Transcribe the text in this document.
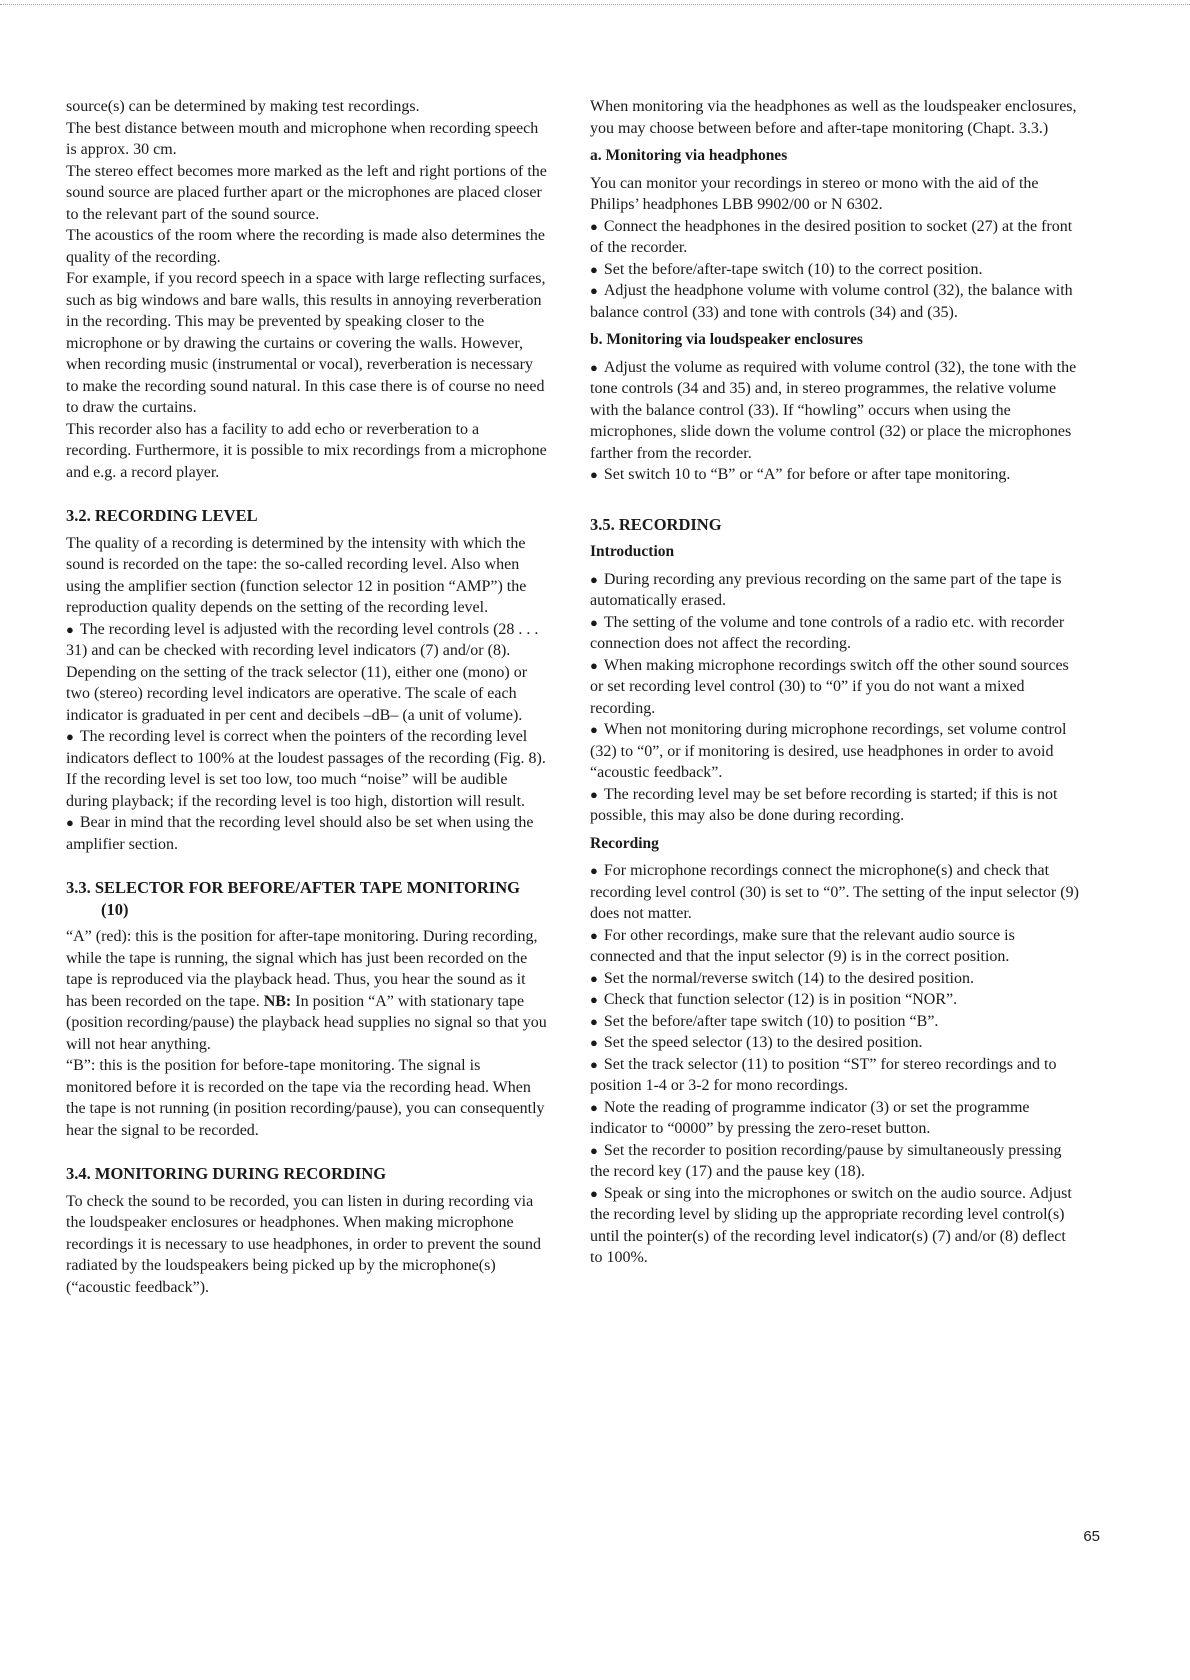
source(s) can be determined by making test recordings.

The best distance between mouth and microphone when recording speech is approx. 30 cm.

The stereo effect becomes more marked as the left and right portions of the sound source are placed further apart or the microphones are placed closer to the relevant part of the sound source.

The acoustics of the room where the recording is made also determines the quality of the recording.

For example, if you record speech in a space with large reflecting surfaces, such as big windows and bare walls, this results in annoying reverberation in the recording. This may be prevented by speaking closer to the microphone or by drawing the curtains or covering the walls. However, when recording music (instrumental or vocal), reverberation is necessary to make the recording sound natural. In this case there is of course no need to draw the curtains.

This recorder also has a facility to add echo or reverberation to a recording. Furthermore, it is possible to mix recordings from a microphone and e.g. a record player.

3.2. RECORDING LEVEL

The quality of a recording is determined by the intensity with which the sound is recorded on the tape: the so-called recording level. Also when using the amplifier section (function selector 12 in position “AMP”) the reproduction quality depends on the setting of the recording level.

● The recording level is adjusted with the recording level controls (28 . . . 31) and can be checked with recording level indicators (7) and/or (8). Depending on the setting of the track selector (11), either one (mono) or two (stereo) recording level indicators are operative. The scale of each indicator is graduated in per cent and decibels –dB– (a unit of volume).

● The recording level is correct when the pointers of the recording level indicators deflect to 100% at the loudest passages of the recording (Fig. 8). If the recording level is set too low, too much “noise” will be audible during playback; if the recording level is too high, distortion will result.

● Bear in mind that the recording level should also be set when using the amplifier section.

3.3. SELECTOR FOR BEFORE/AFTER TAPE MONITORING (10)

“A” (red): this is the position for after-tape monitoring. During recording, while the tape is running, the signal which has just been recorded on the tape is reproduced via the playback head. Thus, you hear the sound as it has been recorded on the tape. NB: In position “A” with stationary tape (position recording/pause) the playback head supplies no signal so that you will not hear anything.

“B”: this is the position for before-tape monitoring. The signal is monitored before it is recorded on the tape via the recording head. When the tape is not running (in position recording/pause), you can consequently hear the signal to be recorded.

3.4. MONITORING DURING RECORDING

To check the sound to be recorded, you can listen in during recording via the loudspeaker enclosures or headphones. When making microphone recordings it is necessary to use headphones, in order to prevent the sound radiated by the loudspeakers being picked up by the microphone(s) (“acoustic feedback”).

When monitoring via the headphones as well as the loudspeaker enclosures, you may choose between before and after-tape monitoring (Chapt. 3.3.)

a. Monitoring via headphones

You can monitor your recordings in stereo or mono with the aid of the Philips’ headphones LBB 9902/00 or N 6302.

● Connect the headphones in the desired position to socket (27) at the front of the recorder.

● Set the before/after-tape switch (10) to the correct position.

● Adjust the headphone volume with volume control (32), the balance with balance control (33) and tone with controls (34) and (35).

b. Monitoring via loudspeaker enclosures

● Adjust the volume as required with volume control (32), the tone with the tone controls (34 and 35) and, in stereo programmes, the relative volume with the balance control (33). If “howling” occurs when using the microphones, slide down the volume control (32) or place the microphones farther from the recorder.

● Set switch 10 to “B” or “A” for before or after tape monitoring.

3.5. RECORDING

Introduction

● During recording any previous recording on the same part of the tape is automatically erased.

● The setting of the volume and tone controls of a radio etc. with recorder connection does not affect the recording.

● When making microphone recordings switch off the other sound sources or set recording level control (30) to “0” if you do not want a mixed recording.

● When not monitoring during microphone recordings, set volume control (32) to “0”, or if monitoring is desired, use headphones in order to avoid “acoustic feedback”.

● The recording level may be set before recording is started; if this is not possible, this may also be done during recording.

Recording

● For microphone recordings connect the microphone(s) and check that recording level control (30) is set to “0”. The setting of the input selector (9) does not matter.

● For other recordings, make sure that the relevant audio source is connected and that the input selector (9) is in the correct position.

● Set the normal/reverse switch (14) to the desired position.

● Check that function selector (12) is in position “NOR”.

● Set the before/after tape switch (10) to position “B”.

● Set the speed selector (13) to the desired position.

● Set the track selector (11) to position “ST” for stereo recordings and to position 1-4 or 3-2 for mono recordings.

● Note the reading of programme indicator (3) or set the programme indicator to “0000” by pressing the zero-reset button.

● Set the recorder to position recording/pause by simultaneously pressing the record key (17) and the pause key (18).

● Speak or sing into the microphones or switch on the audio source. Adjust the recording level by sliding up the appropriate recording level control(s) until the pointer(s) of the recording level indicator(s) (7) and/or (8) deflect to 100%.

65
